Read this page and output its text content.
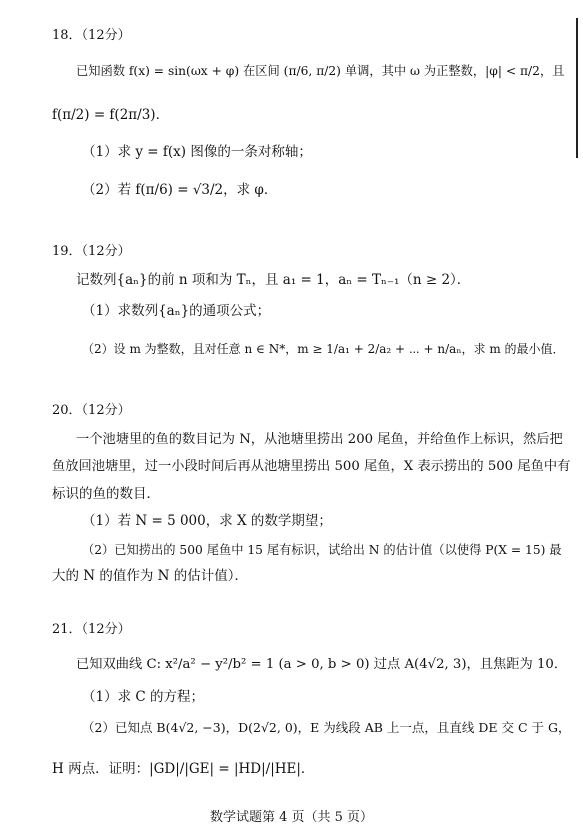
18．（12分）
已知函数 f(x) = sin(ωx + φ) 在区间 (π/6, π/2) 单调，其中 ω 为正整数，|φ| < π/2，且
f(π/2) = f(2π/3)．
（1）求 y = f(x) 图像的一条对称轴；
（2）若 f(π/6) = √3/2，求 φ．
19．（12分）
记数列{aₙ}的前 n 项和为 Tₙ，且 a₁ = 1，aₙ = Tₙ₋₁（n ≥ 2）．
（1）求数列{aₙ}的通项公式；
（2）设 m 为整数，且对任意 n ∈ N*，m ≥ 1/a₁ + 2/a₂ + ⋯ + n/aₙ，求 m 的最小值．
20．（12分）
一个池塘里的鱼的数目记为 N，从池塘里捞出 200 尾鱼，并给鱼作上标识，然后把
鱼放回池塘里，过一小段时间后再从池塘里捞出 500 尾鱼，X 表示捞出的 500 尾鱼中有
标识的鱼的数目．
（1）若 N = 5 000，求 X 的数学期望；
（2）已知捞出的 500 尾鱼中 15 尾有标识，试给出 N 的估计值（以使得 P(X = 15) 最
大的 N 的值作为 N 的估计值）．
21．（12分）
已知双曲线 C: x²/a² − y²/b² = 1 (a > 0, b > 0) 过点 A(4√2, 3)，且焦距为 10．
（1）求 C 的方程；
（2）已知点 B(4√2, −3)，D(2√2, 0)，E 为线段 AB 上一点，且直线 DE 交 C 于 G，
H 两点．证明：|GD|/|GE| = |HD|/|HE|．
数学试题第 4 页（共 5 页）
